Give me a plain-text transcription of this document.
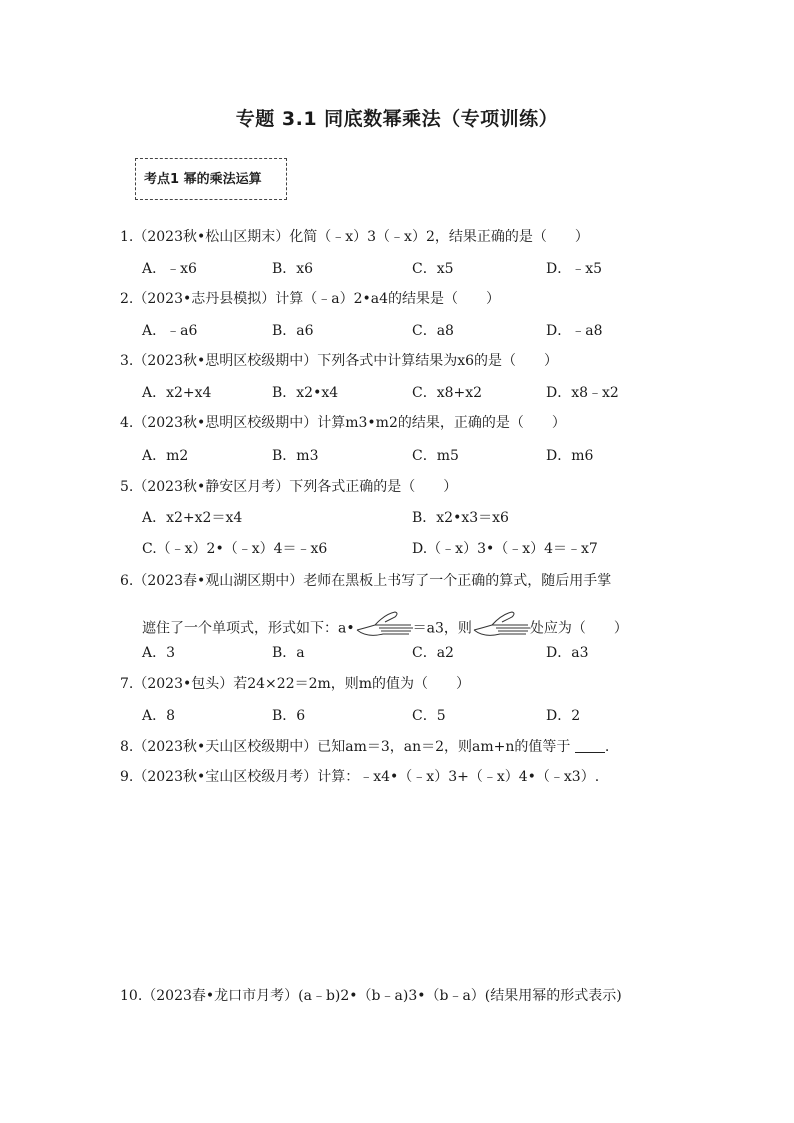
专题 3.1 同底数幂乘法（专项训练）
考点1 幂的乘法运算
1.（2023秋•松山区期末）化简（﹣x）3（﹣x）2，结果正确的是（　　）
A．﹣x6	B．x6	C．x5	D．﹣x5
2.（2023•志丹县模拟）计算（﹣a）2•a4的结果是（　　）
A．﹣a6	B．a6	C．a8	D．﹣a8
3.（2023秋•思明区校级期中）下列各式中计算结果为x6的是（　　）
A．x2+x4	B．x2•x4	C．x8+x2	D．x8﹣x2
4.（2023秋•思明区校级期中）计算m3•m2的结果，正确的是（　　）
A．m2	B．m3	C．m5	D．m6
5.（2023秋•静安区月考）下列各式正确的是（　　）
A．x2+x2＝x4	B．x2•x3＝x6
C.（﹣x）2•（﹣x）4＝﹣x6	D.（﹣x）3•（﹣x）4＝﹣x7
6.（2023春•观山湖区期中）老师在黑板上书写了一个正确的算式，随后用手掌
遮住了一个单项式，形式如下：a•	＝a3，则	处应为（　　）
A．3	B．a	C．a2	D．a3
7.（2023•包头）若24×22＝2m，则m的值为（　　）
A．8	B．6	C．5	D．2
8.（2023秋•天山区校级期中）已知am＝3，an＝2，则am+n的值等于 .
9.（2023秋•宝山区校级月考）计算：﹣x4•（﹣x）3+（﹣x）4•（﹣x3）.
10.（2023春•龙口市月考）(a﹣b)2•（b﹣a)3•（b﹣a）(结果用幂的形式表示)
